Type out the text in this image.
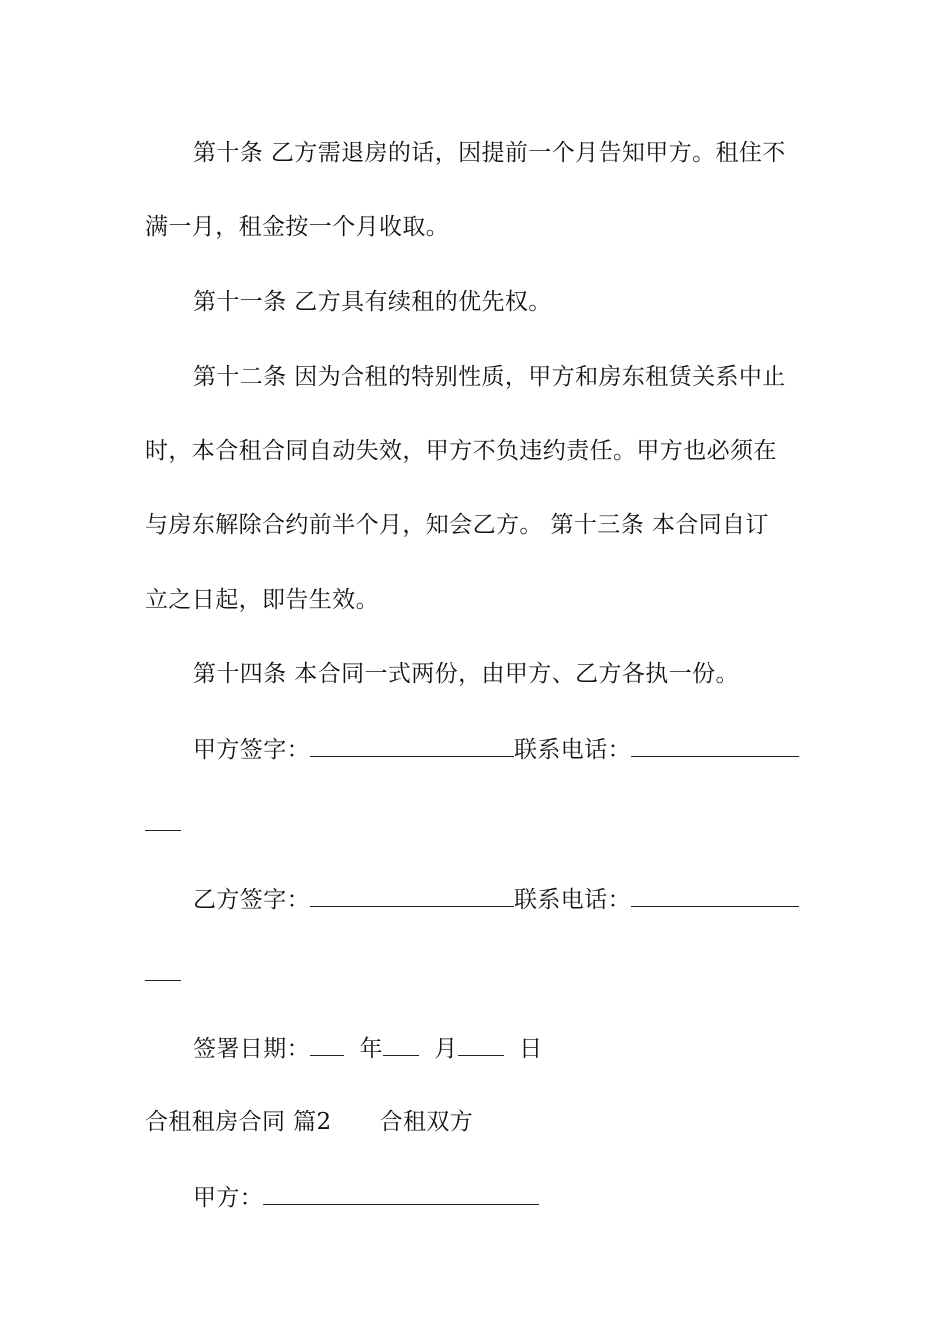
第十条 乙方需退房的话，因提前一个月告知甲方。租住不
满一月，租金按一个月收取。
第十一条 乙方具有续租的优先权。
第十二条 因为合租的特别性质，甲方和房东租赁关系中止
时，本合租合同自动失效，甲方不负违约责任。甲方也必须在
与房东解除合约前半个月，知会乙方。 第十三条 本合同自订
立之日起，即告生效。
第十四条 本合同一式两份，由甲方、乙方各执一份。
甲方签字：	联系电话：
乙方签字：	联系电话：
签署日期： 年 月	日
合租租房合同 篇2 合租双方
甲方：
